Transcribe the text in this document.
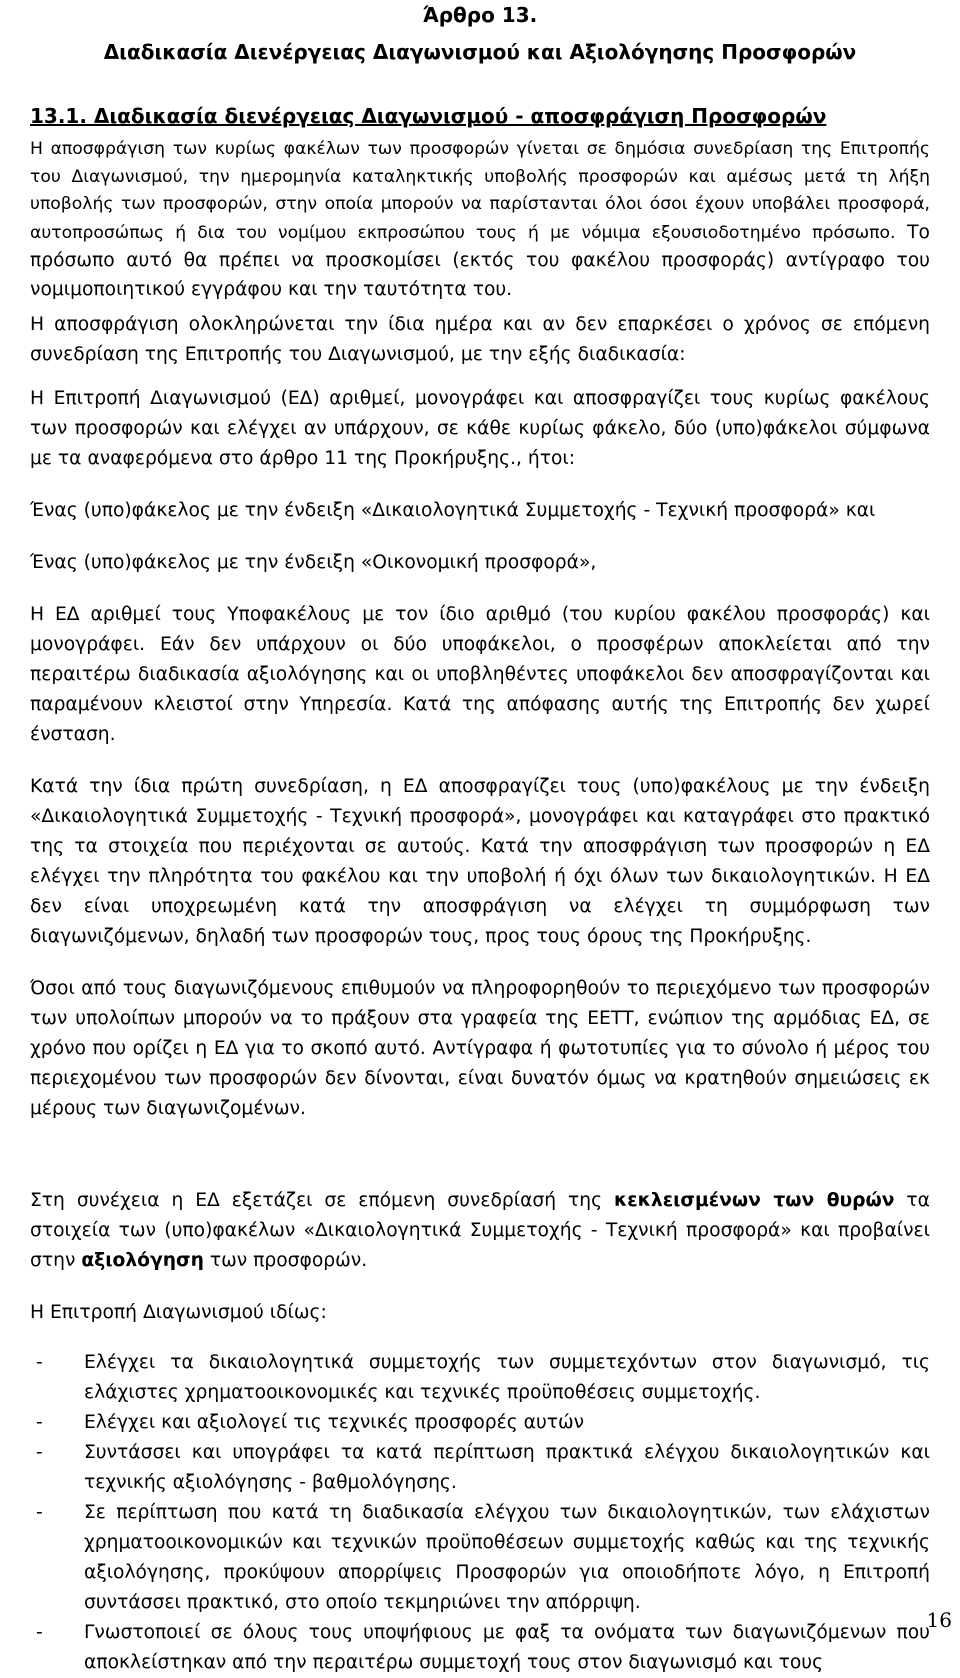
Άρθρο 13.

Διαδικασία Διενέργειας Διαγωνισμού και Αξιολόγησης Προσφορών

13.1. Διαδικασία διενέργειας Διαγωνισμού - αποσφράγιση Προσφορών

Η αποσφράγιση των κυρίως φακέλων των προσφορών γίνεται σε δημόσια συνεδρίαση της Επιτροπής του Διαγωνισμού, την ημερομηνία καταληκτικής υποβολής προσφορών και αμέσως μετά τη λήξη υποβολής των προσφορών, στην οποία μπορούν να παρίστανται όλοι όσοι έχουν υποβάλει προσφορά, αυτοπροσώπως ή δια του νομίμου εκπροσώπου τους ή με νόμιμα εξουσιοδοτημένο πρόσωπο. Το πρόσωπο αυτό θα πρέπει να προσκομίσει (εκτός του φακέλου προσφοράς) αντίγραφο του νομιμοποιητικού εγγράφου και την ταυτότητα του.

Η αποσφράγιση ολοκληρώνεται την ίδια ημέρα και αν δεν επαρκέσει ο χρόνος σε επόμενη συνεδρίαση της Επιτροπής του Διαγωνισμού, με την εξής διαδικασία:

Η Επιτροπή Διαγωνισμού (ΕΔ) αριθμεί, μονογράφει και αποσφραγίζει τους κυρίως φακέλους των προσφορών και ελέγχει αν υπάρχουν, σε κάθε κυρίως φάκελο, δύο (υπο)φάκελοι σύμφωνα με τα αναφερόμενα στο άρθρο 11 της Προκήρυξης., ήτοι:

Ένας (υπο)φάκελος με την ένδειξη «Δικαιολογητικά Συμμετοχής - Τεχνική προσφορά» και

Ένας (υπο)φάκελος με την ένδειξη «Οικονομική προσφορά»,

Η ΕΔ αριθμεί τους Υποφακέλους με τον ίδιο αριθμό (του κυρίου φακέλου προσφοράς) και μονογράφει. Εάν δεν υπάρχουν οι δύο υποφάκελοι, ο προσφέρων αποκλείεται από την περαιτέρω διαδικασία αξιολόγησης και οι υποβληθέντες υποφάκελοι δεν αποσφραγίζονται και παραμένουν κλειστοί στην Υπηρεσία. Κατά της απόφασης αυτής της Επιτροπής δεν χωρεί ένσταση.

Κατά την ίδια πρώτη συνεδρίαση, η ΕΔ αποσφραγίζει τους (υπο)φακέλους με την ένδειξη «Δικαιολογητικά Συμμετοχής - Τεχνική προσφορά», μονογράφει και καταγράφει στο πρακτικό της τα στοιχεία που περιέχονται σε αυτούς. Κατά την αποσφράγιση των προσφορών η ΕΔ ελέγχει την πληρότητα του φακέλου και την υποβολή ή όχι όλων των δικαιολογητικών. Η ΕΔ δεν είναι υποχρεωμένη κατά την αποσφράγιση να ελέγχει τη συμμόρφωση των διαγωνιζόμενων, δηλαδή των προσφορών τους, προς τους όρους της Προκήρυξης.

Όσοι από τους διαγωνιζόμενους επιθυμούν να πληροφορηθούν το περιεχόμενο των προσφορών των υπολοίπων μπορούν να το πράξουν στα γραφεία της ΕΕΤΤ, ενώπιον της αρμόδιας ΕΔ, σε χρόνο που ορίζει η ΕΔ για το σκοπό αυτό. Αντίγραφα ή φωτοτυπίες για το σύνολο ή μέρος του περιεχομένου των προσφορών δεν δίνονται, είναι δυνατόν όμως να κρατηθούν σημειώσεις εκ μέρους των διαγωνιζομένων.

Στη συνέχεια η ΕΔ εξετάζει σε επόμενη συνεδρίασή της κεκλεισμένων των θυρών τα στοιχεία των (υπο)φακέλων «Δικαιολογητικά Συμμετοχής - Τεχνική προσφορά» και προβαίνει στην αξιολόγηση των προσφορών.

Η Επιτροπή Διαγωνισμού ιδίως:

- Ελέγχει τα δικαιολογητικά συμμετοχής των συμμετεχόντων στον διαγωνισμό, τις ελάχιστες χρηματοοικονομικές και τεχνικές προϋποθέσεις συμμετοχής.
- Ελέγχει και αξιολογεί τις τεχνικές προσφορές αυτών
- Συντάσσει και υπογράφει τα κατά περίπτωση πρακτικά ελέγχου δικαιολογητικών και τεχνικής αξιολόγησης - βαθμολόγησης.
- Σε περίπτωση που κατά τη διαδικασία ελέγχου των δικαιολογητικών, των ελάχιστων χρηματοοικονομικών και τεχνικών προϋποθέσεων συμμετοχής καθώς και της τεχνικής αξιολόγησης, προκύψουν απορρίψεις Προσφορών για οποιοδήποτε λόγο, η Επιτροπή συντάσσει πρακτικό, στο οποίο τεκμηριώνει την απόρριψη.
- Γνωστοποιεί σε όλους τους υποψήφιους με φαξ τα ονόματα των διαγωνιζόμενων που αποκλείστηκαν από την περαιτέρω συμμετοχή τους στον διαγωνισμό και τους
16
